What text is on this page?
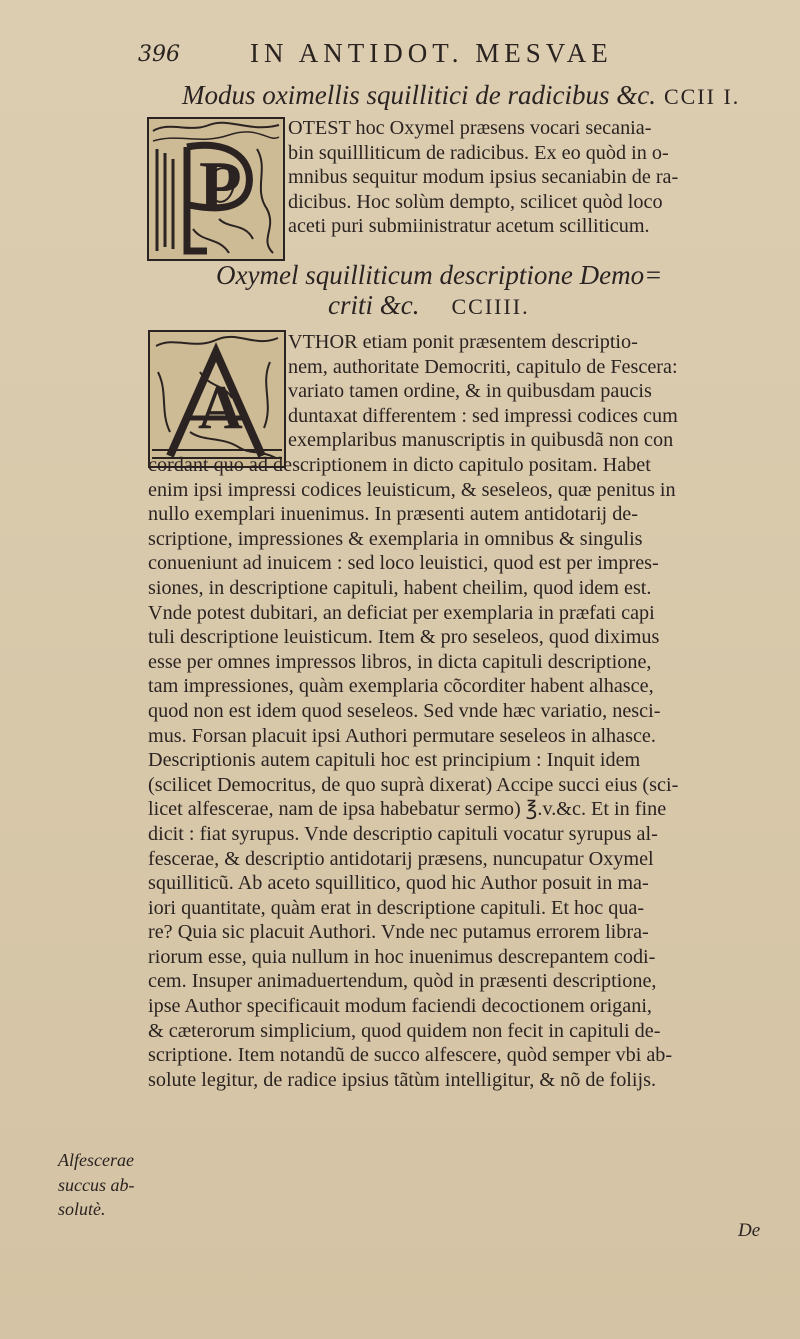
396	IN ANTIDOT. MESVAE
Modus oximellis squillitici de radicibus &c. CCII I.
P
OTEST hoc Oxymel præsens vocari secania-
bin squillliticum de radicibus. Ex eo quòd in o-
mnibus sequitur modum ipsius secaniabin de ra-
dicibus. Hoc solùm dempto, scilicet quòd loco
aceti puri submiinistratur acetum scilliticum.
Oxymel squilliticum descriptione Demo=
criti &c. CCIIII.
A
VTHOR etiam ponit præsentem descriptio-
nem, authoritate Democriti, capitulo de Fescera:
variato tamen ordine, & in quibusdam paucis
duntaxat differentem : sed impressi codices cum
exemplaribus manuscriptis in quibusdã non con
cordant quo ad descriptionem in dicto capitulo positam. Habet
enim ipsi impressi codices leuisticum, & seseleos, quæ penitus in
nullo exemplari inuenimus. In præsenti autem antidotarij de-
scriptione, impressiones & exemplaria in omnibus & singulis
conueniunt ad inuicem : sed loco leuistici, quod est per impres-
siones, in descriptione capituli, habent cheilim, quod idem est.
Vnde potest dubitari, an deficiat per exemplaria in præfati capi
tuli descriptione leuisticum. Item & pro seseleos, quod diximus
esse per omnes impressos libros, in dicta capituli descriptione,
tam impressiones, quàm exemplaria cõcorditer habent alhasce,
quod non est idem quod seseleos. Sed vnde hæc variatio, nesci-
mus. Forsan placuit ipsi Authori permutare seseleos in alhasce.
Descriptionis autem capituli hoc est principium : Inquit idem
(scilicet Democritus, de quo suprà dixerat) Accipe succi eius (sci-
licet alfescerae, nam de ipsa habebatur sermo) ℥.v.&c. Et in fine
dicit : fiat syrupus. Vnde descriptio capituli vocatur syrupus al-
fescerae, & descriptio antidotarij præsens, nuncupatur Oxymel
squilliticũ. Ab aceto squillitico, quod hic Author posuit in ma-
iori quantitate, quàm erat in descriptione capituli. Et hoc qua-
re? Quia sic placuit Authori. Vnde nec putamus errorem libra-
riorum esse, quia nullum in hoc inuenimus descrepantem codi-
cem. Insuper animaduertendum, quòd in præsenti descriptione,
ipse Author specificauit modum faciendi decoctionem origani,
& cæterorum simplicium, quod quidem non fecit in capituli de-
scriptione. Item notandũ de succo alfescere, quòd semper vbi ab-
solute legitur, de radice ipsius tãtùm intelligitur, & nõ de folijs.
Alfescerae
succus ab-
solutè.
De
